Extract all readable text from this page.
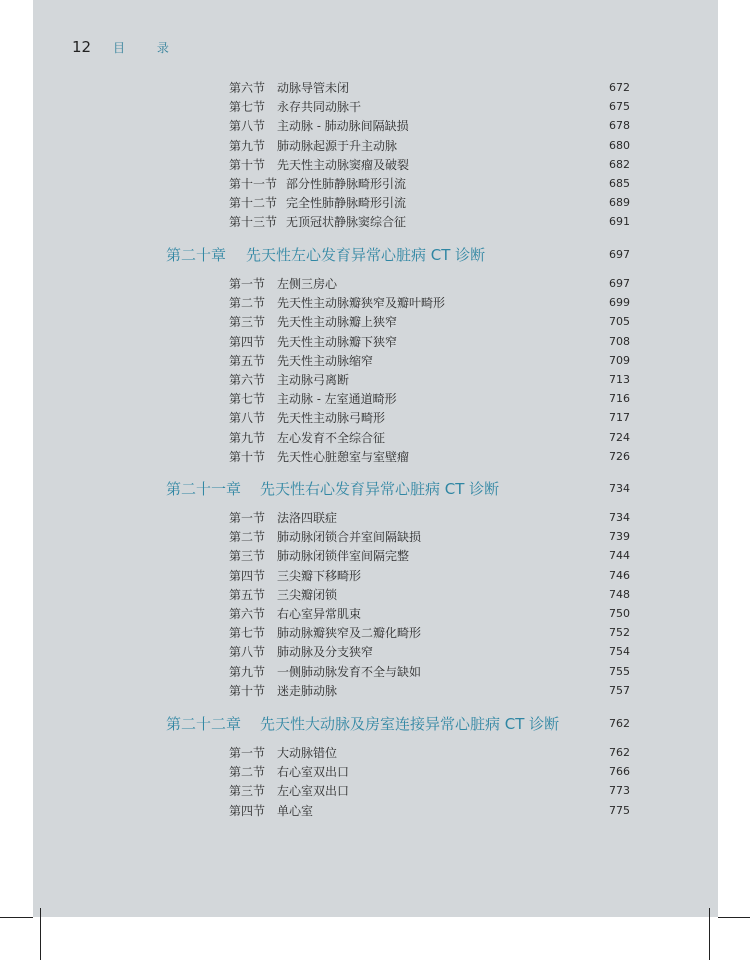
12 目 录
第六节 动脉导管未闭	672
第七节 永存共同动脉干	675
第八节 主动脉 - 肺动脉间隔缺损	678
第九节 肺动脉起源于升主动脉	680
第十节 先天性主动脉窦瘤及破裂	682
第十一节 部分性肺静脉畸形引流	685
第十二节 完全性肺静脉畸形引流	689
第十三节 无顶冠状静脉窦综合征	691
第二十章 先天性左心发育异常心脏病 CT 诊断	697
第一节 左侧三房心	697
第二节 先天性主动脉瓣狭窄及瓣叶畸形	699
第三节 先天性主动脉瓣上狭窄	705
第四节 先天性主动脉瓣下狭窄	708
第五节 先天性主动脉缩窄	709
第六节 主动脉弓离断	713
第七节 主动脉 - 左室通道畸形	716
第八节 先天性主动脉弓畸形	717
第九节 左心发育不全综合征	724
第十节 先天性心脏憩室与室壁瘤	726
第二十一章 先天性右心发育异常心脏病 CT 诊断	734
第一节 法洛四联症	734
第二节 肺动脉闭锁合并室间隔缺损	739
第三节 肺动脉闭锁伴室间隔完整	744
第四节 三尖瓣下移畸形	746
第五节 三尖瓣闭锁	748
第六节 右心室异常肌束	750
第七节 肺动脉瓣狭窄及二瓣化畸形	752
第八节 肺动脉及分支狭窄	754
第九节 一侧肺动脉发育不全与缺如	755
第十节 迷走肺动脉	757
第二十二章 先天性大动脉及房室连接异常心脏病 CT 诊断	762
第一节 大动脉错位	762
第二节 右心室双出口	766
第三节 左心室双出口	773
第四节 单心室	775
